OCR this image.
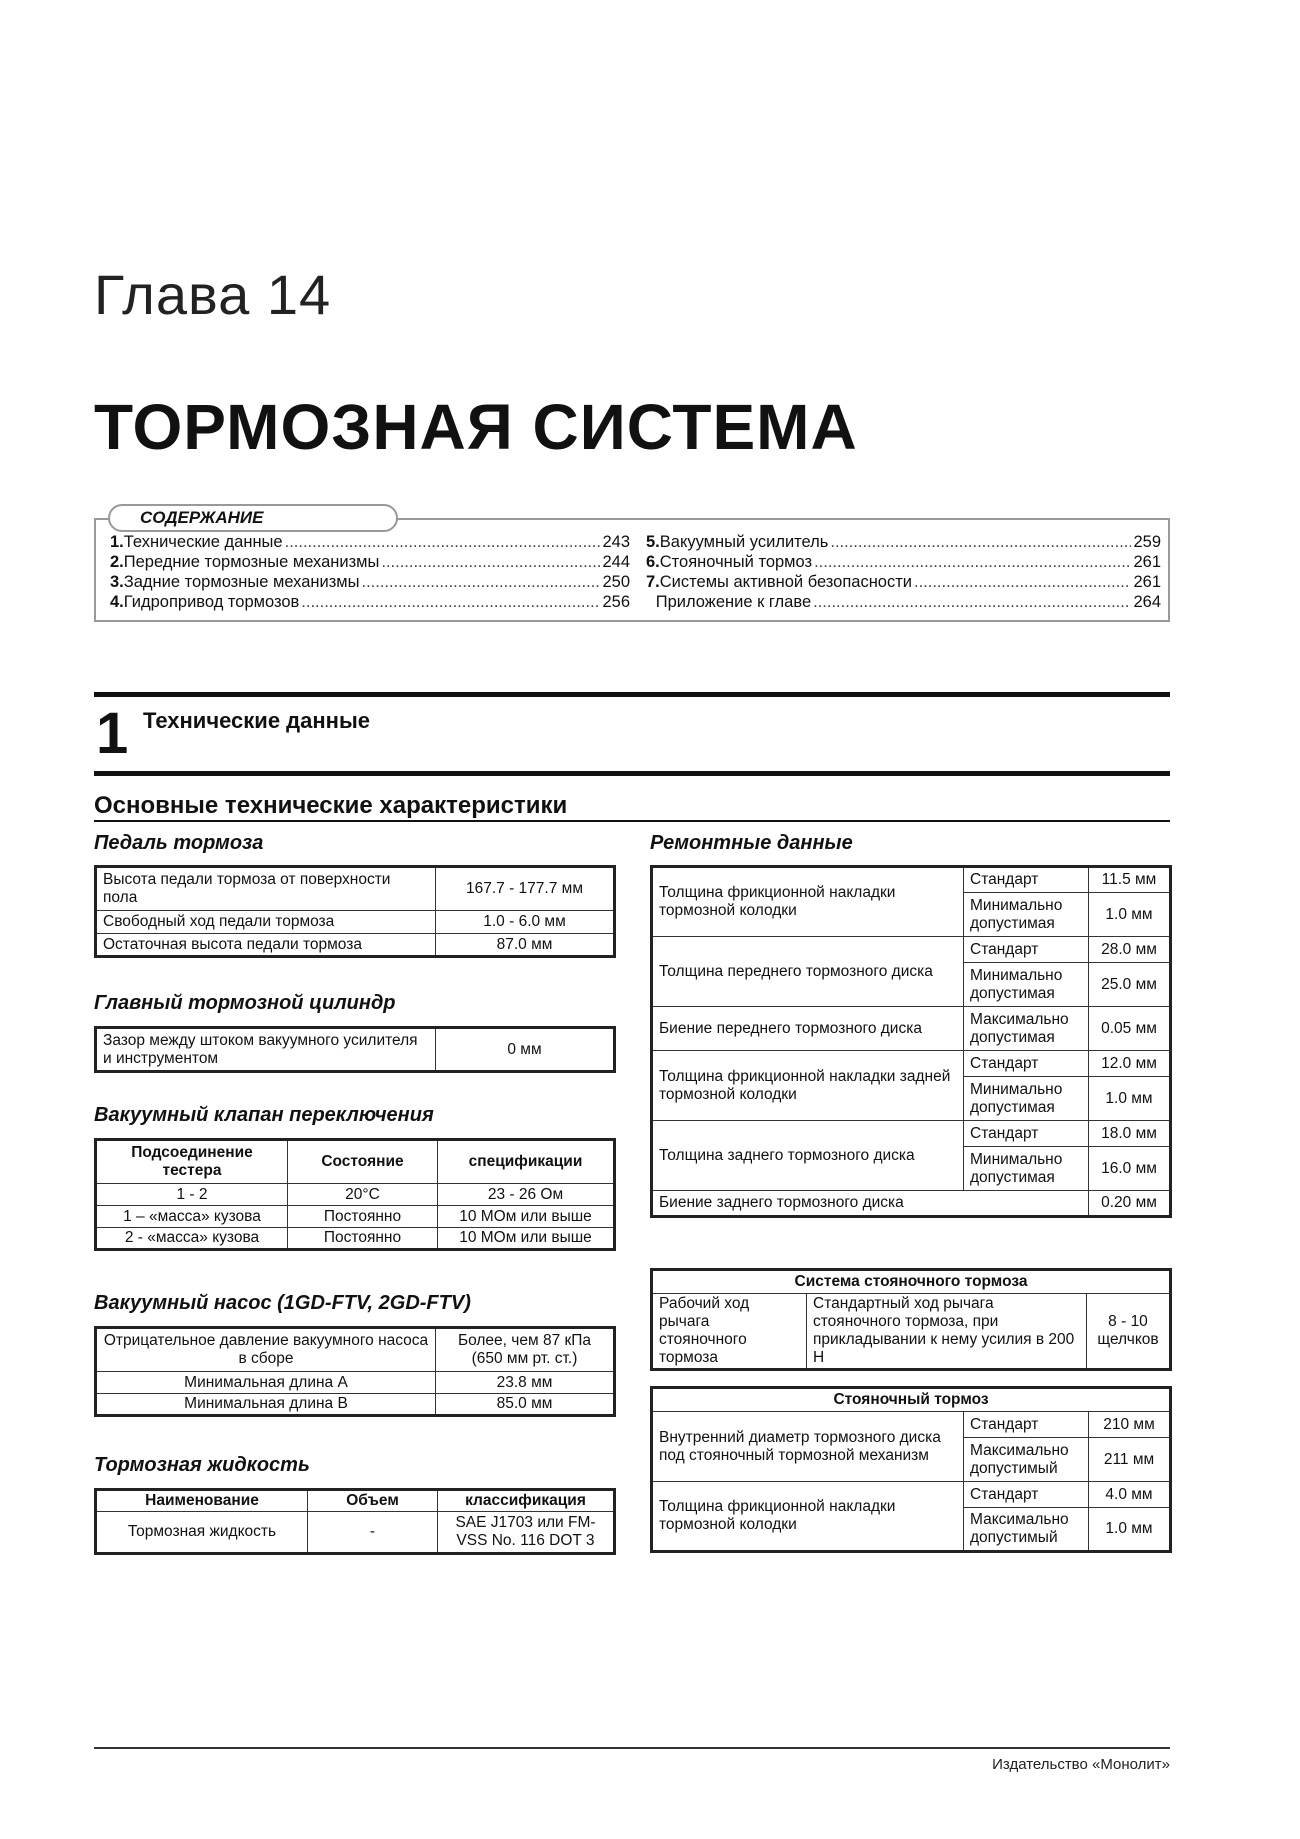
Глава 14
ТОРМОЗНАЯ СИСТЕМА
СОДЕРЖАНИЕ
1. Технические данные .....	243
2. Передние тормозные механизмы .....	244
3. Задние тормозные механизмы .....	250
4. Гидропривод тормозов .....	256
5. Вакуумный усилитель .....	259
6. Стояночный тормоз .....	261
7. Системы активной безопасности .....	261
Приложение к главе .....	264
1 Технические данные
Основные технические характеристики
Педаль тормоза
Высота педали тормоза от поверхности пола	167.7 - 177.7 мм
Свободный ход педали тормоза	1.0 - 6.0 мм
Остаточная высота педали тормоза	87.0 мм
Главный тормозной цилиндр
Зазор между штоком вакуумного усилителя и инструментом	0 мм
Вакуумный клапан переключения
Подсоединение тестера	Состояние	спецификации
1 - 2	20°C	23 - 26 Ом
1 – «масса» кузова	Постоянно	10 МОм или выше
2 - «масса» кузова	Постоянно	10 МОм или выше
Вакуумный насос (1GD-FTV, 2GD-FTV)
Отрицательное давление вакуумного насоса в сборе	Более, чем 87 кПа (650 мм рт. ст.)
Минимальная длина A	23.8 мм
Минимальная длина B	85.0 мм
Тормозная жидкость
Наименование	Объем	классификация
Тормозная жидкость	-	SAE J1703 или FM-VSS No. 116 DOT 3
Ремонтные данные
Толщина фрикционной накладки тормозной колодки	Стандарт	11.5 мм
	Минимально допустимая	1.0 мм
Толщина переднего тормозного диска	Стандарт	28.0 мм
	Минимально допустимая	25.0 мм
Биение переднего тормозного диска	Максимально допустимая	0.05 мм
Толщина фрикционной накладки задней тормозной колодки	Стандарт	12.0 мм
	Минимально допустимая	1.0 мм
Толщина заднего тормозного диска	Стандарт	18.0 мм
	Минимально допустимая	16.0 мм
Биение заднего тормозного диска		0.20 мм
Система стояночного тормоза
Рабочий ход рычага стояночного тормоза	Стандартный ход рычага стояночного тормоза, при прикладывании к нему усилия в 200 Н	8 - 10 щелчков
Стояночный тормоз		
Внутренний диаметр тормозного диска под стояночный тормозной механизм	Стандарт	210 мм
	Максимально допустимый	211 мм
Толщина фрикционной накладки тормозной колодки	Стандарт	4.0 мм
	Максимально допустимый	1.0 мм
Издательство «Монолит»
